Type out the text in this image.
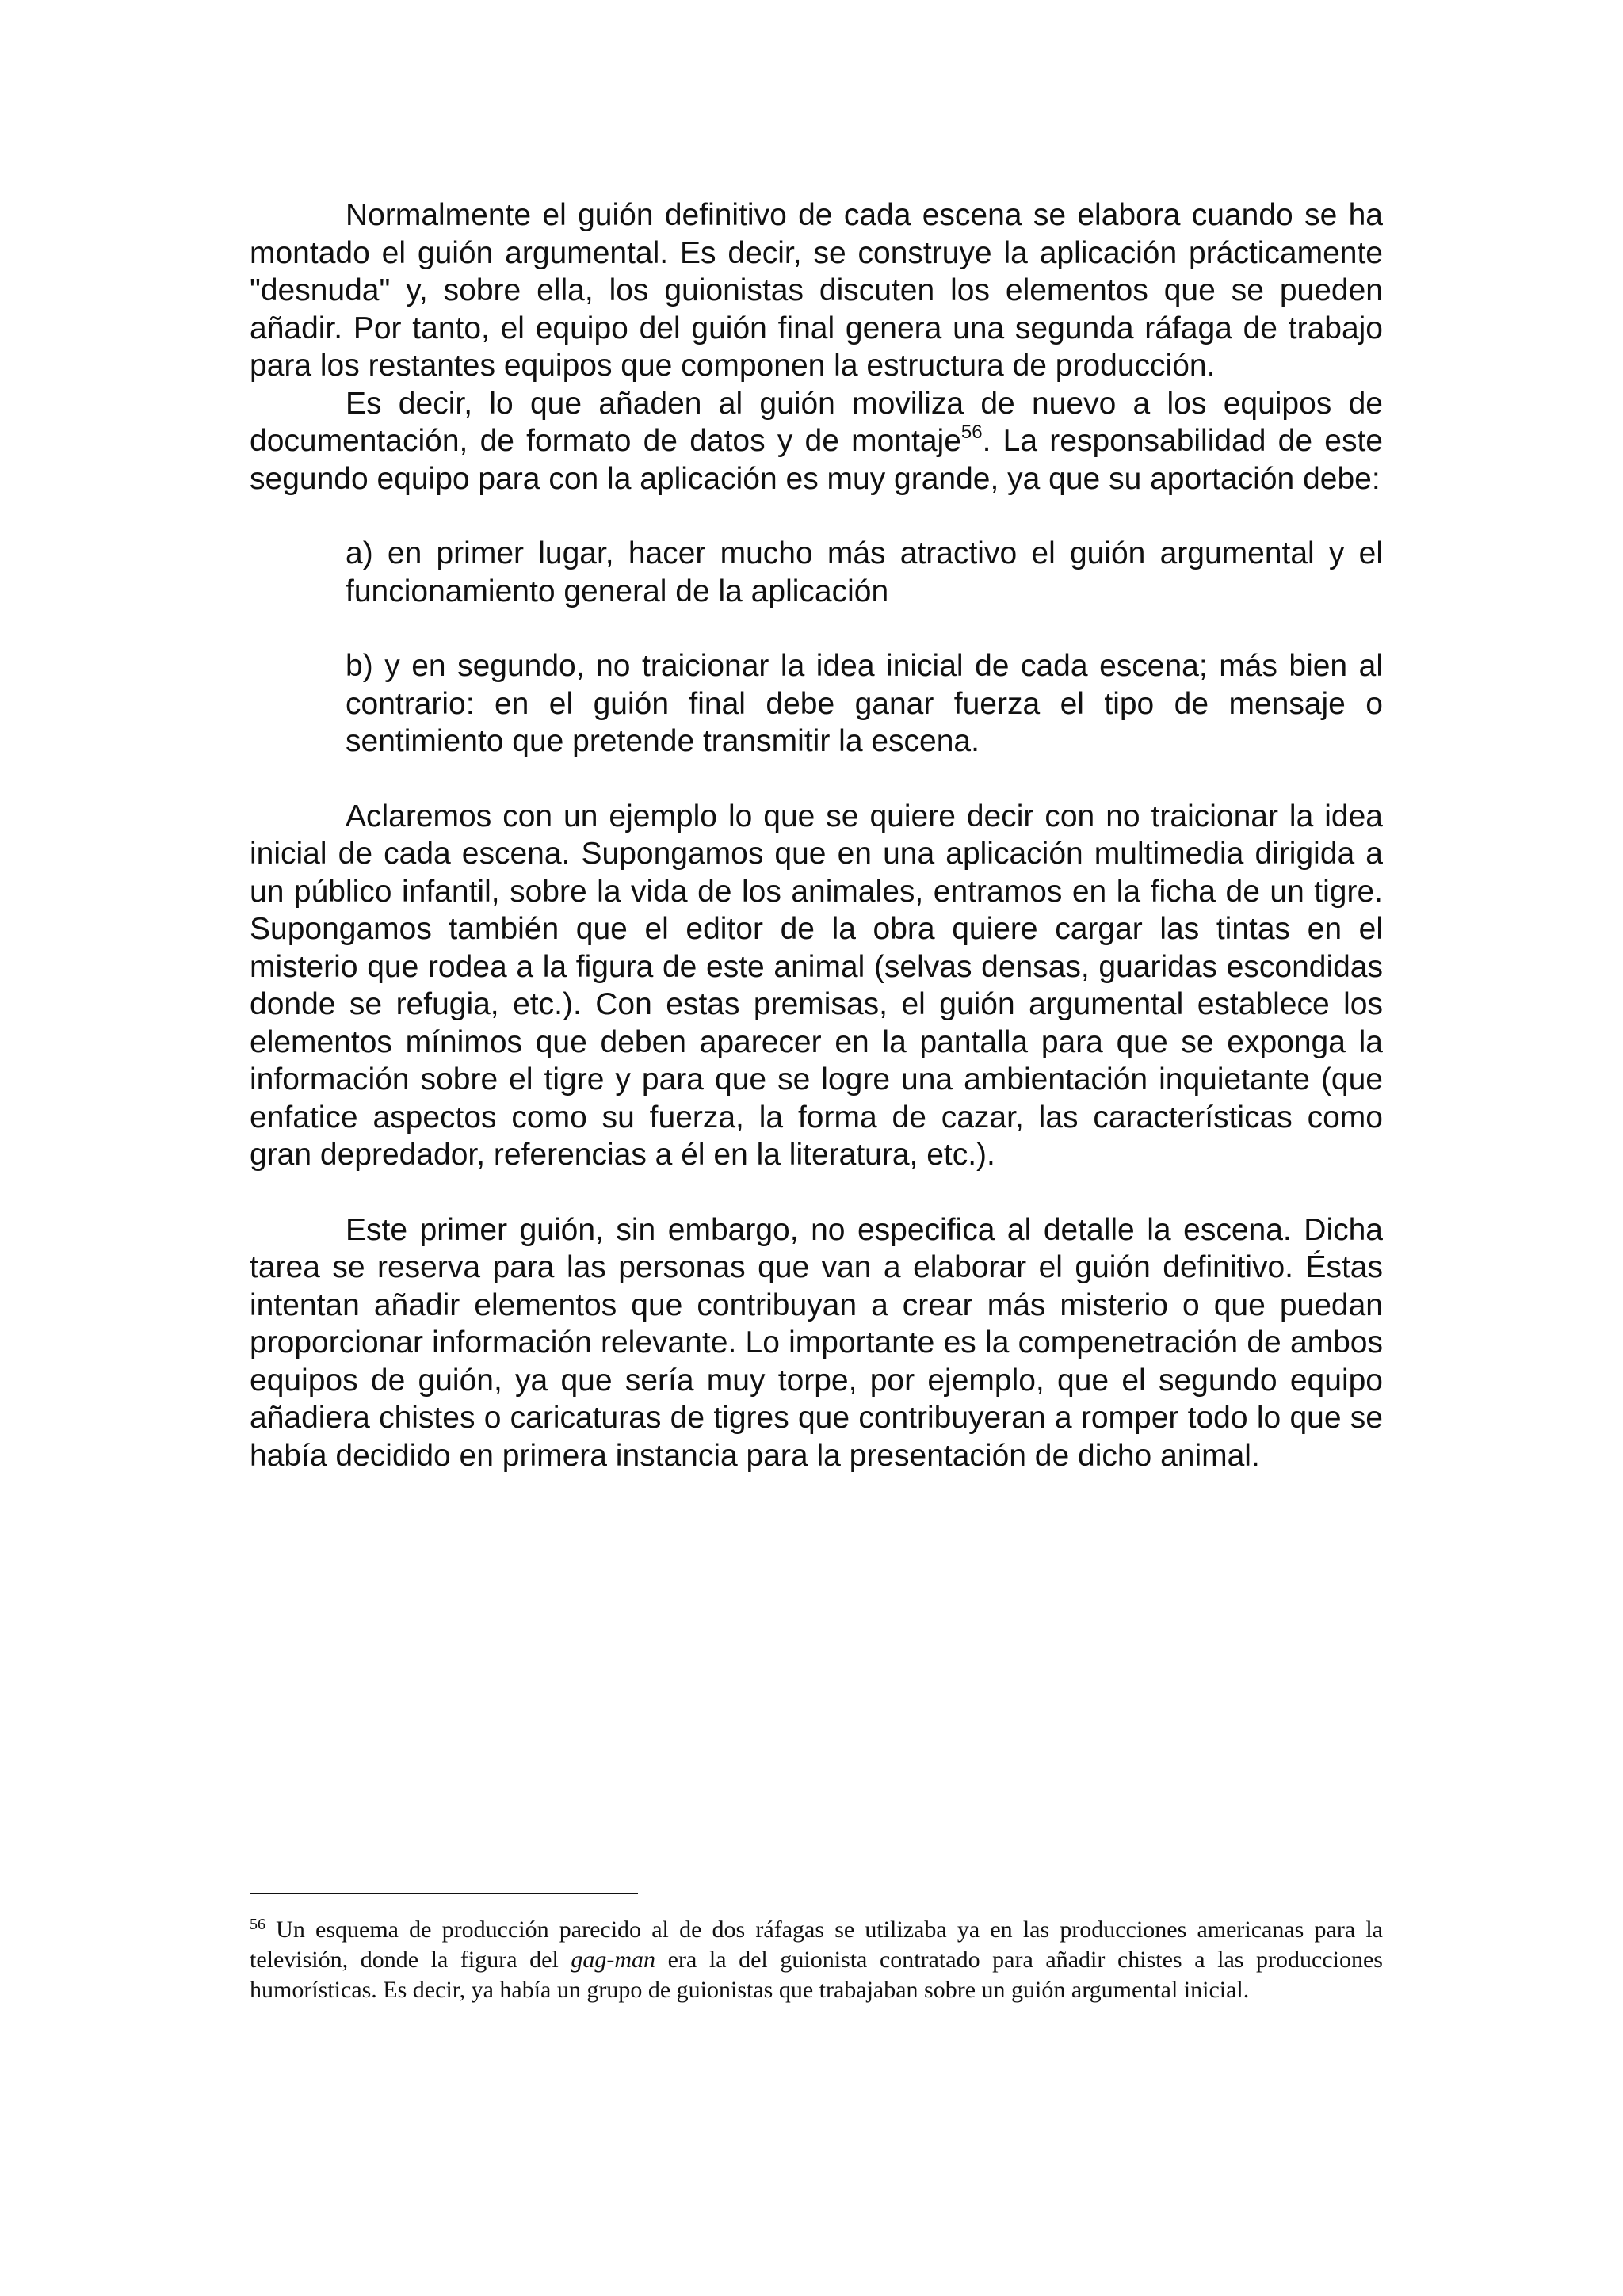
Normalmente el guión definitivo de cada escena se elabora cuando se ha montado el guión argumental. Es decir, se construye la aplicación prácticamente "desnuda" y, sobre ella, los guionistas discuten los elementos que se pueden añadir. Por tanto, el equipo del guión final genera una segunda ráfaga de trabajo para los restantes equipos que componen la estructura de producción.

Es decir, lo que añaden al guión moviliza de nuevo a los equipos de documentación, de formato de datos y de montaje$^{56}$. La responsabilidad de este segundo equipo para con la aplicación es muy grande, ya que su aportación debe:

a) en primer lugar, hacer mucho más atractivo el guión argumental y el funcionamiento general de la aplicación

b) y en segundo, no traicionar la idea inicial de cada escena; más bien al contrario: en el guión final debe ganar fuerza el tipo de mensaje o sentimiento que pretende transmitir la escena.

Aclaremos con un ejemplo lo que se quiere decir con no traicionar la idea inicial de cada escena. Supongamos que en una aplicación multimedia dirigida a un público infantil, sobre la vida de los animales, entramos en la ficha de un tigre. Supongamos también que el editor de la obra quiere cargar las tintas en el misterio que rodea a la figura de este animal (selvas densas, guaridas escondidas donde se refugia, etc.). Con estas premisas, el guión argumental establece los elementos mínimos que deben aparecer en la pantalla para que se exponga la información sobre el tigre y para que se logre una ambientación inquietante (que enfatice aspectos como su fuerza, la forma de cazar, las características como gran depredador, referencias a él en la literatura, etc.).

Este primer guión, sin embargo, no especifica al detalle la escena. Dicha tarea se reserva para las personas que van a elaborar el guión definitivo. Éstas intentan añadir elementos que contribuyan a crear más misterio o que puedan proporcionar información relevante. Lo importante es la compenetración de ambos equipos de guión, ya que sería muy torpe, por ejemplo, que el segundo equipo añadiera chistes o caricaturas de tigres que contribuyeran a romper todo lo que se había decidido en primera instancia para la presentación de dicho animal.

$^{56}$ Un esquema de producción parecido al de dos ráfagas se utilizaba ya en las producciones americanas para la televisión, donde la figura del gag-man era la del guionista contratado para añadir chistes a las producciones humorísticas. Es decir, ya había un grupo de guionistas que trabajaban sobre un guión argumental inicial.
